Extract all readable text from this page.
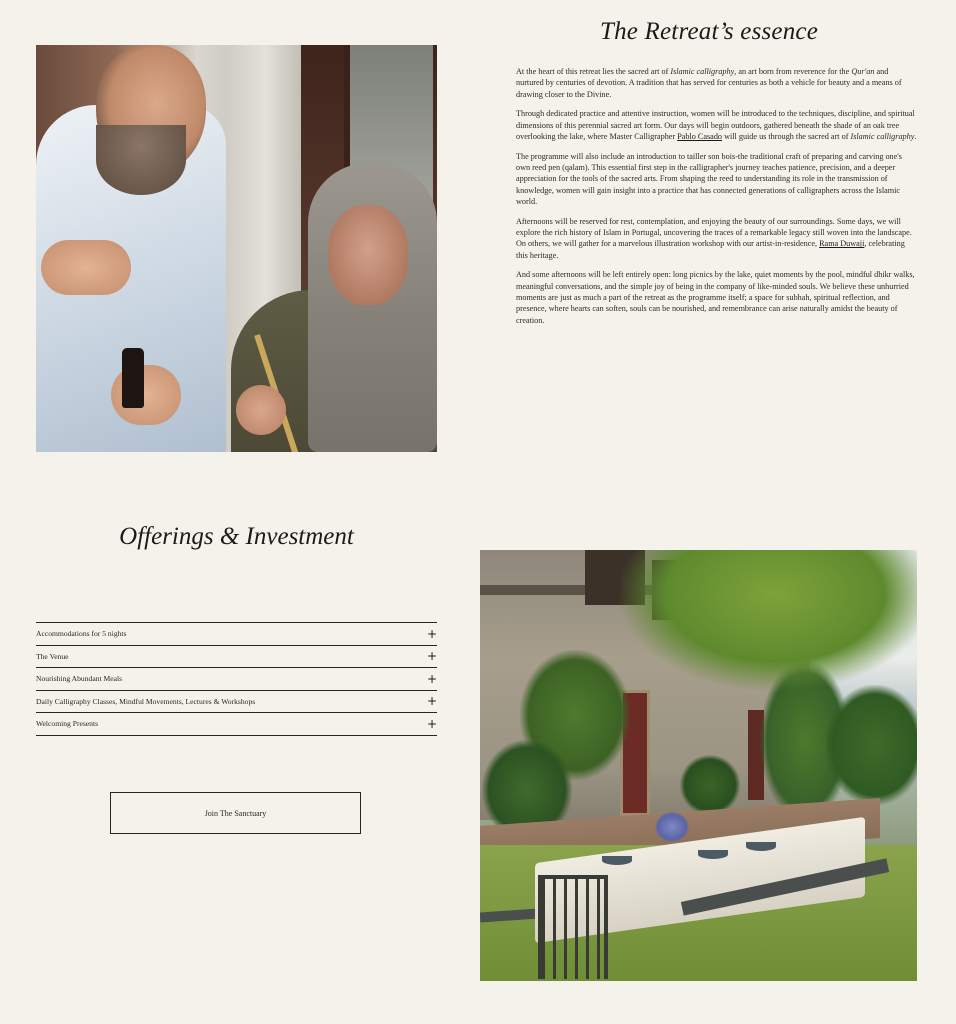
The Retreat’s essence

At the heart of this retreat lies the sacred art of Islamic calligraphy, an art born from reverence for the Qur'an and nurtured by centuries of devotion. A tradition that has served for centuries as both a vehicle for beauty and a means of drawing closer to the Divine.

Through dedicated practice and attentive instruction, women will be introduced to the techniques, discipline, and spiritual dimensions of this perennial sacred art form. Our days will begin outdoors, gathered beneath the shade of an oak tree overlooking the lake, where Master Calligrapher Pablo Casado will guide us through the sacred art of Islamic calligraphy.

The programme will also include an introduction to tailler son bois-the traditional craft of preparing and carving one's own reed pen (qalam). This essential first step in the calligrapher's journey teaches patience, precision, and a deeper appreciation for the tools of the sacred arts. From shaping the reed to understanding its role in the transmission of knowledge, women will gain insight into a practice that has connected generations of calligraphers across the Islamic world.

Afternoons will be reserved for rest, contemplation, and enjoying the beauty of our surroundings. Some days, we will explore the rich history of Islam in Portugal, uncovering the traces of a remarkable legacy still woven into the landscape. On others, we will gather for a marvelous illustration workshop with our artist-in-residence, Rama Duwaji, celebrating this heritage.

And some afternoons will be left entirely open: long picnics by the lake, quiet moments by the pool, mindful dhikr walks, meaningful conversations, and the simple joy of being in the company of like-minded souls. We believe these unhurried moments are just as much a part of the retreat as the programme itself; a space for subhah, spiritual reflection, and presence, where hearts can soften, souls can be nourished, and remembrance can arise naturally amidst the beauty of creation.

Offerings & Investment
Accommodations for 5 nights	+
The Venue	+
Nourishing Abundant Meals	+
Daily Calligraphy Classes, Mindful Movements, Lectures & Workshops	+
Welcoming Presents	+
Join The Sanctuary
